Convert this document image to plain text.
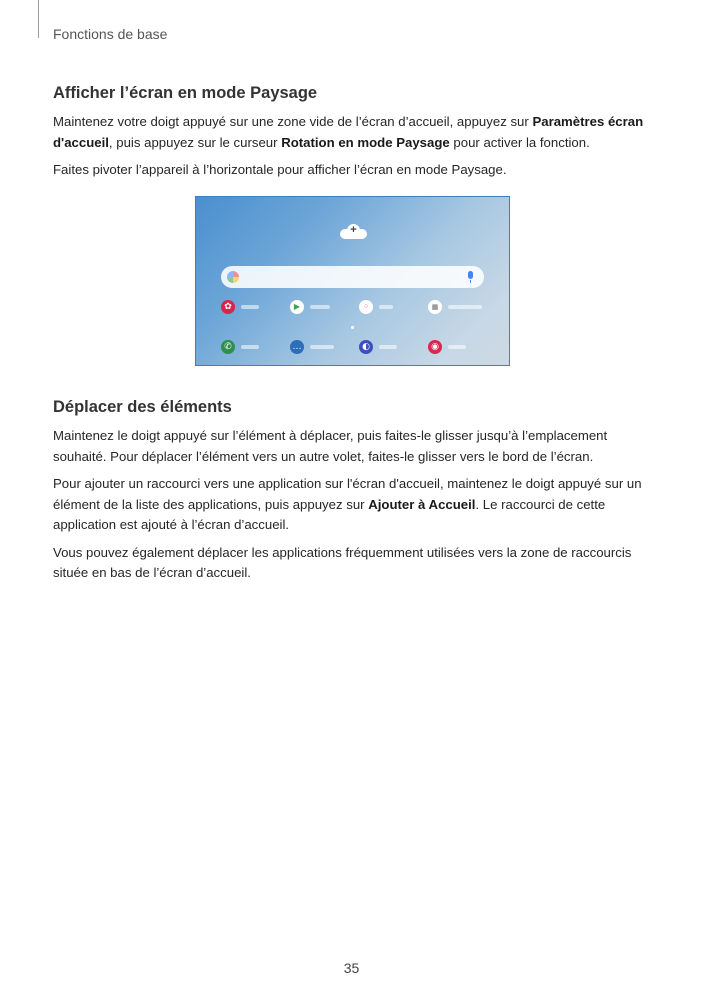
Fonctions de base
Afficher l’écran en mode Paysage

Maintenez votre doigt appuyé sur une zone vide de l’écran d’accueil, appuyez sur Paramètres écran d'accueil, puis appuyez sur le curseur Rotation en mode Paysage pour activer la fonction.

Faites pivoter l’appareil à l’horizontale pour afficher l’écran en mode Paysage.

+
✿	▶	⁘	▦
✆	…	◐	◉
Déplacer des éléments

Maintenez le doigt appuyé sur l’élément à déplacer, puis faites-le glisser jusqu’à l’emplacement souhaité. Pour déplacer l’élément vers un autre volet, faites-le glisser vers le bord de l’écran.

Pour ajouter un raccourci vers une application sur l'écran d'accueil, maintenez le doigt appuyé sur un élément de la liste des applications, puis appuyez sur Ajouter à Accueil. Le raccourci de cette application est ajouté à l’écran d’accueil.

Vous pouvez également déplacer les applications fréquemment utilisées vers la zone de raccourcis située en bas de l’écran d’accueil.

35
